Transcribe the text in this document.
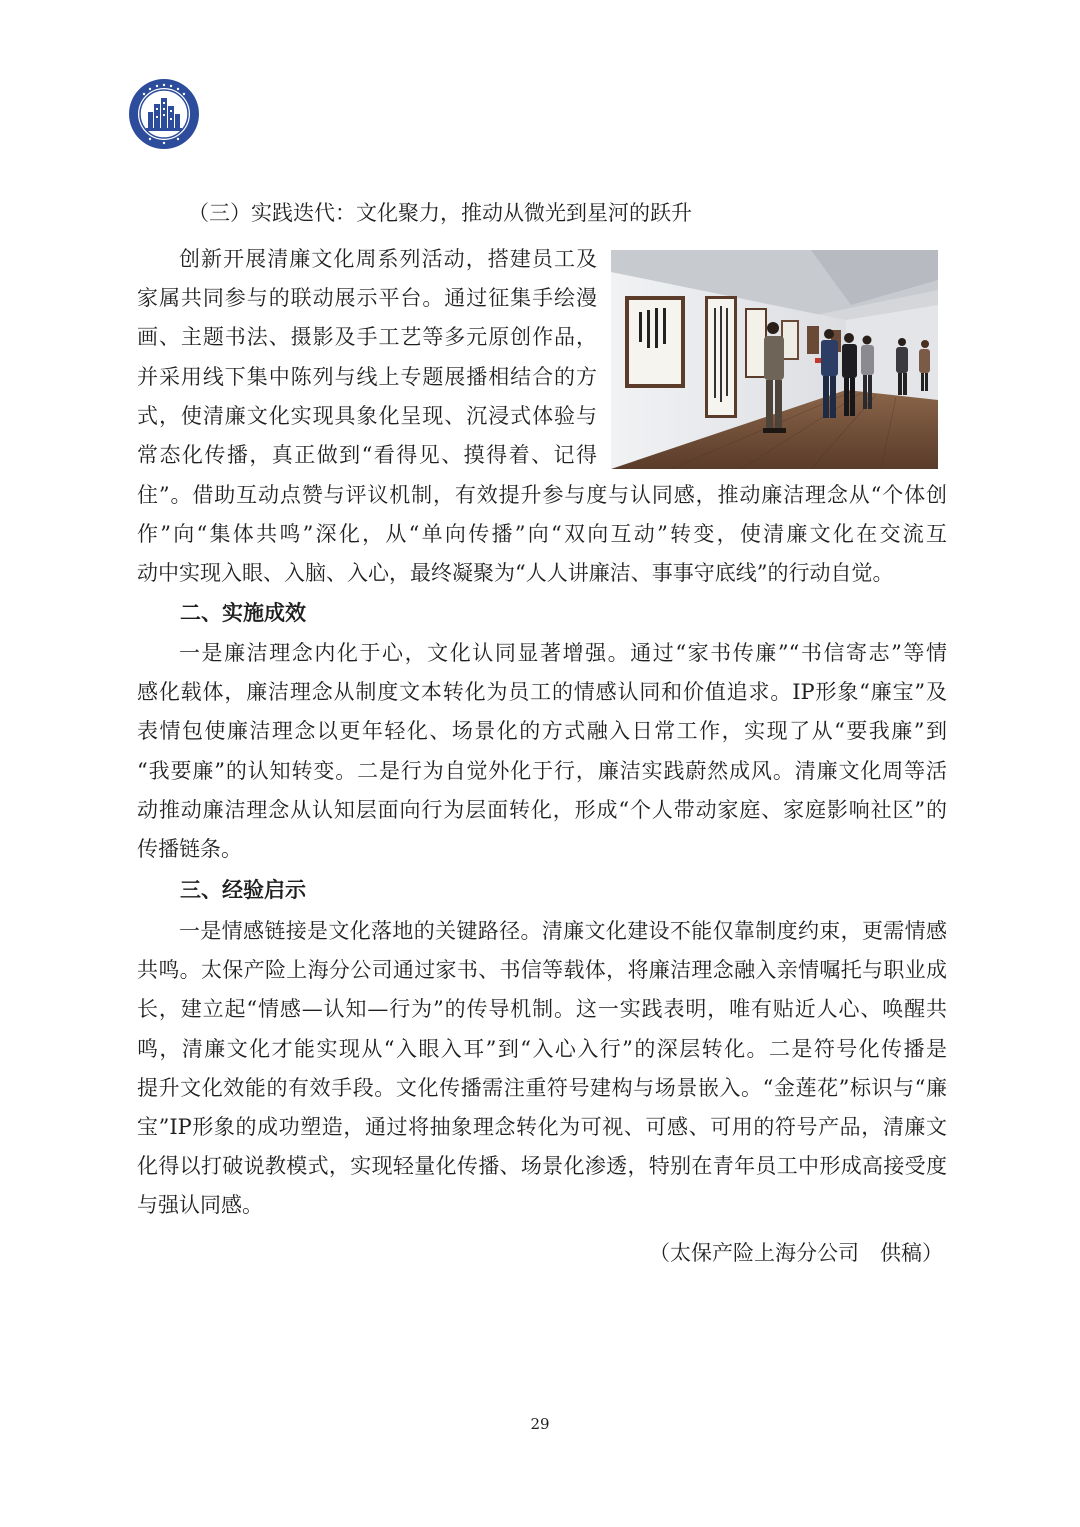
（三）实践迭代：文化聚力，推动从微光到星河的跃升
创新开展清廉文化周系列活动，搭建员工及
家属共同参与的联动展示平台。通过征集手绘漫
画、主题书法、摄影及手工艺等多元原创作品，
并采用线下集中陈列与线上专题展播相结合的方
式，使清廉文化实现具象化呈现、沉浸式体验与
常态化传播，真正做到“看得见、摸得着、记得
住”。借助互动点赞与评议机制，有效提升参与度与认同感，推动廉洁理念从“个体创
作”向“集体共鸣”深化，从“单向传播”向“双向互动”转变，使清廉文化在交流互
动中实现入眼、入脑、入心，最终凝聚为“人人讲廉洁、事事守底线”的行动自觉。
二、实施成效
一是廉洁理念内化于心，文化认同显著增强。通过“家书传廉”“书信寄志”等情
感化载体，廉洁理念从制度文本转化为员工的情感认同和价值追求。IP形象“廉宝”及
表情包使廉洁理念以更年轻化、场景化的方式融入日常工作，实现了从“要我廉”到
“我要廉”的认知转变。二是行为自觉外化于行，廉洁实践蔚然成风。清廉文化周等活
动推动廉洁理念从认知层面向行为层面转化，形成“个人带动家庭、家庭影响社区”的
传播链条。
三、经验启示
一是情感链接是文化落地的关键路径。清廉文化建设不能仅靠制度约束，更需情感
共鸣。太保产险上海分公司通过家书、书信等载体，将廉洁理念融入亲情嘱托与职业成
长，建立起“情感—认知—行为”的传导机制。这一实践表明，唯有贴近人心、唤醒共
鸣，清廉文化才能实现从“入眼入耳”到“入心入行”的深层转化。二是符号化传播是
提升文化效能的有效手段。文化传播需注重符号建构与场景嵌入。“金莲花”标识与“廉
宝”IP形象的成功塑造，通过将抽象理念转化为可视、可感、可用的符号产品，清廉文
化得以打破说教模式，实现轻量化传播、场景化渗透，特别在青年员工中形成高接受度
与强认同感。
（太保产险上海分公司　供稿）
29
